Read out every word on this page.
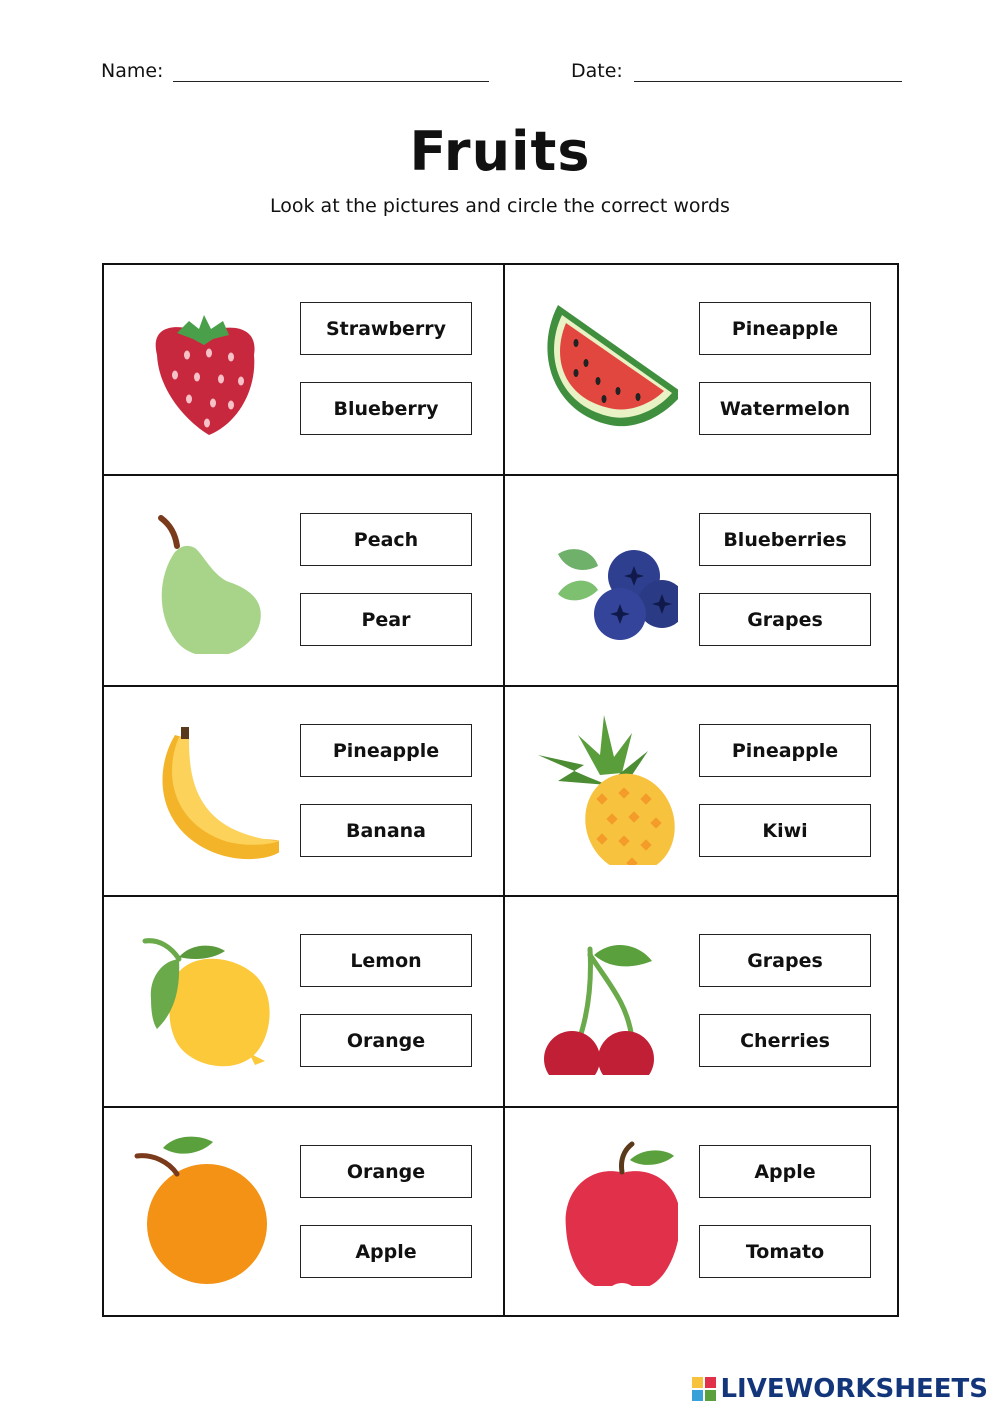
Name:	Date:
Fruits
Look at the pictures and circle the correct words
Strawberry
Blueberry
Pineapple
Watermelon
Peach
Pear
Blueberries
Grapes
Pineapple
Banana
Pineapple
Kiwi
Lemon
Orange
Grapes
Cherries
Orange
Apple
Apple
Tomato
LIVEWORKSHEETS
